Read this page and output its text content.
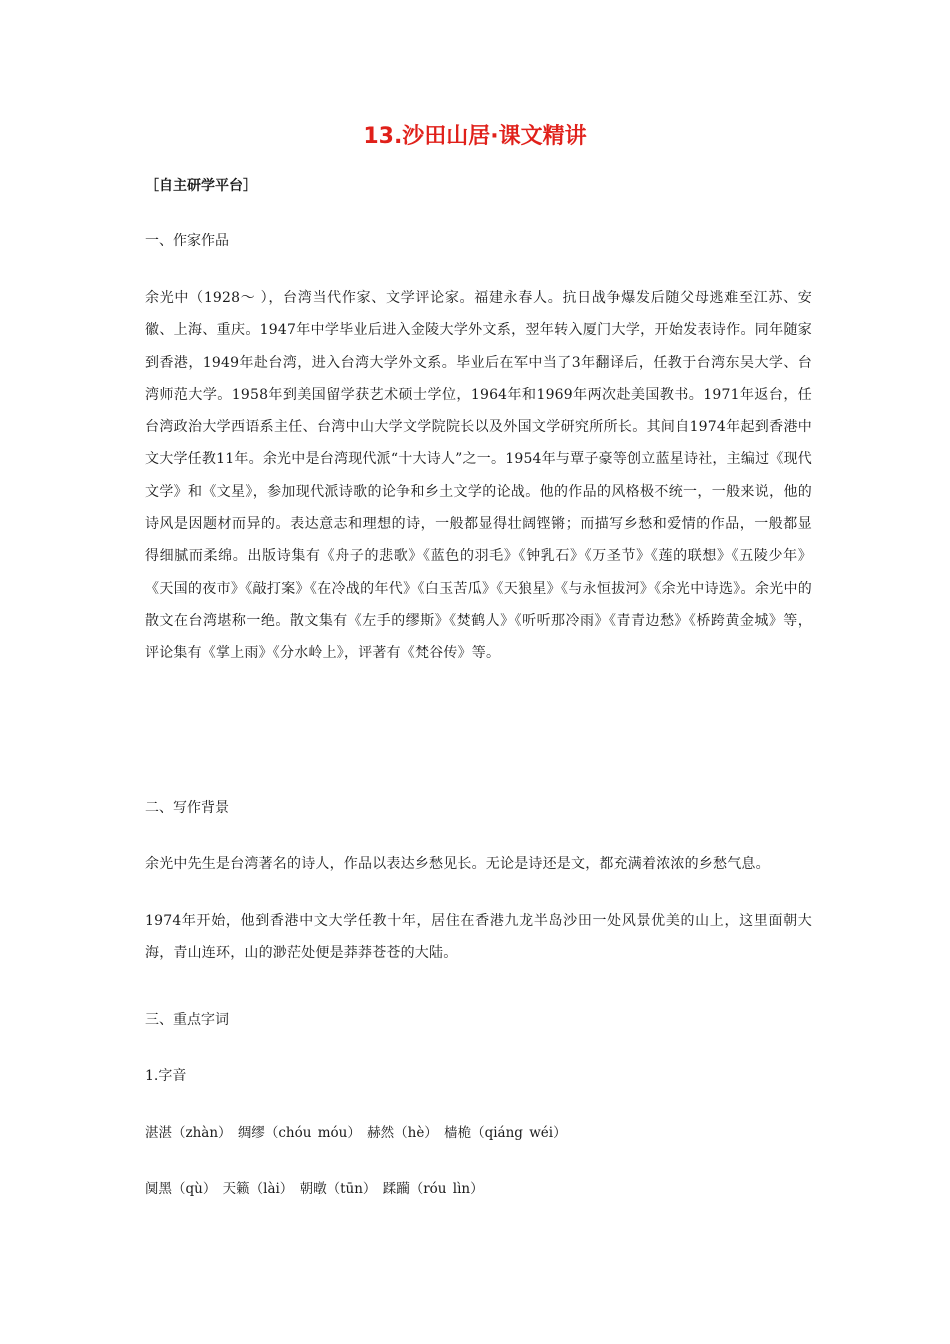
13.沙田山居·课文精讲

［自主研学平台］

一、作家作品

余光中（1928～ ），台湾当代作家、文学评论家。福建永春人。抗日战争爆发后随父母逃难至江苏、安徽、上海、重庆。1947年中学毕业后进入金陵大学外文系，翌年转入厦门大学，开始发表诗作。同年随家到香港，1949年赴台湾，进入台湾大学外文系。毕业后在军中当了3年翻译后，任教于台湾东吴大学、台湾师范大学。1958年到美国留学获艺术硕士学位，1964年和1969年两次赴美国教书。1971年返台，任台湾政治大学西语系主任、台湾中山大学文学院院长以及外国文学研究所所长。其间自1974年起到香港中文大学任教11年。余光中是台湾现代派“十大诗人”之一。1954年与覃子豪等创立蓝星诗社，主编过《现代文学》和《文星》，参加现代派诗歌的论争和乡土文学的论战。他的作品的风格极不统一，一般来说，他的诗风是因题材而异的。表达意志和理想的诗，一般都显得壮阔铿锵；而描写乡愁和爱情的作品，一般都显得细腻而柔绵。出版诗集有《舟子的悲歌》《蓝色的羽毛》《钟乳石》《万圣节》《莲的联想》《五陵少年》《天国的夜市》《敲打案》《在冷战的年代》《白玉苦瓜》《天狼星》《与永恒拔河》《余光中诗选》。余光中的散文在台湾堪称一绝。散文集有《左手的缪斯》《焚鹤人》《听听那冷雨》《青青边愁》《桥跨黄金城》等，评论集有《掌上雨》《分水岭上》，评著有《梵谷传》等。

二、写作背景

余光中先生是台湾著名的诗人，作品以表达乡愁见长。无论是诗还是文，都充满着浓浓的乡愁气息。

1974年开始，他到香港中文大学任教十年，居住在香港九龙半岛沙田一处风景优美的山上，这里面朝大海，青山连环，山的渺茫处便是莽莽苍苍的大陆。

三、重点字词

1.字音

湛湛（zhàn） 绸缪（chóu móu） 赫然（hè） 樯桅（qiáng wéi）

阒黑（qù） 天籁（lài） 朝暾（tūn） 蹂躏（róu lìn）
